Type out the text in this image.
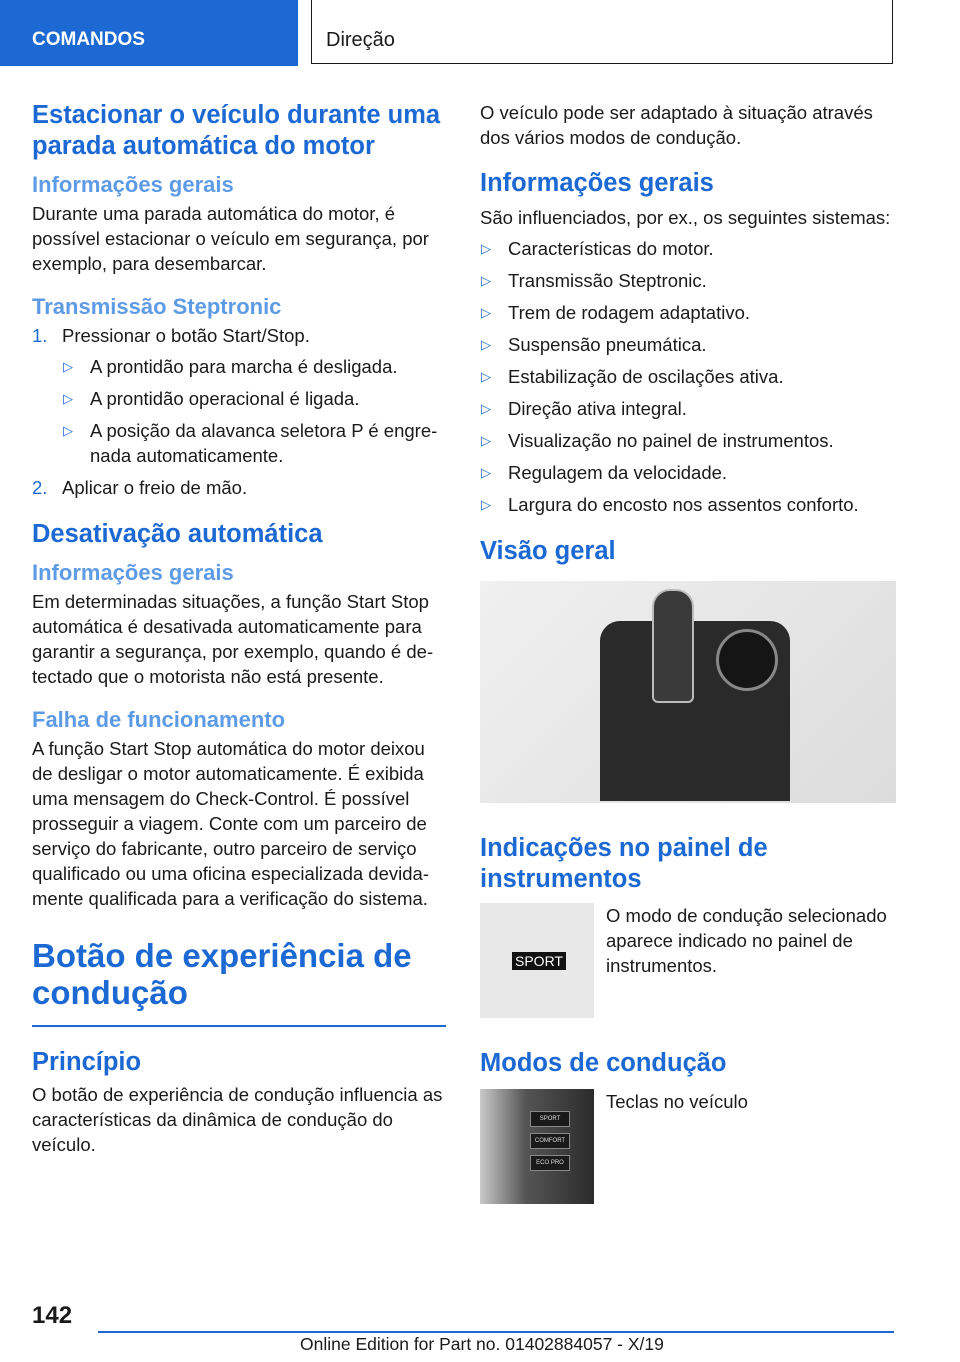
COMANDOS	Direção
Estacionar o veículo durante uma parada automática do motor
Informações gerais

Durante uma parada automática do motor, é possível estacionar o veículo em segurança, por exemplo, para desembarcar.

Transmissão Steptronic
1. Pressionar o botão Start/Stop.
▷ A prontidão para marcha é desligada.
▷ A prontidão operacional é ligada.
▷ A posição da alavanca seletora P é engrenada automaticamente.
2. Aplicar o freio de mão.
Desativação automática
Informações gerais

Em determinadas situações, a função Start Stop automática é desativada automaticamente para garantir a segurança, por exemplo, quando é detectado que o motorista não está presente.

Falha de funcionamento

A função Start Stop automática do motor deixou de desligar o motor automaticamente. É exibida uma mensagem do Check-Control. É possível prosseguir a viagem. Conte com um parceiro de serviço do fabricante, outro parceiro de serviço qualificado ou uma oficina especializada devidamente qualificada para a verificação do sistema.

Botão de experiência de condução
Princípio

O botão de experiência de condução influencia as características da dinâmica de condução do veículo.

O veículo pode ser adaptado à situação através dos vários modos de condução.

Informações gerais

São influenciados, por ex., os seguintes sistemas:

▷ Características do motor.
▷ Transmissão Steptronic.
▷ Trem de rodagem adaptativo.
▷ Suspensão pneumática.
▷ Estabilização de oscilações ativa.
▷ Direção ativa integral.
▷ Visualização no painel de instrumentos.
▷ Regulagem da velocidade.
▷ Largura do encosto nos assentos conforto.
Visão geral
Indicações no painel de instrumentos
SPORT
O modo de condução selecionado aparece indicado no painel de instrumentos.
Modos de condução
SPORT
COMFORT
ECO PRO
Teclas no veículo
142
Online Edition for Part no. 01402884057 - X/19
